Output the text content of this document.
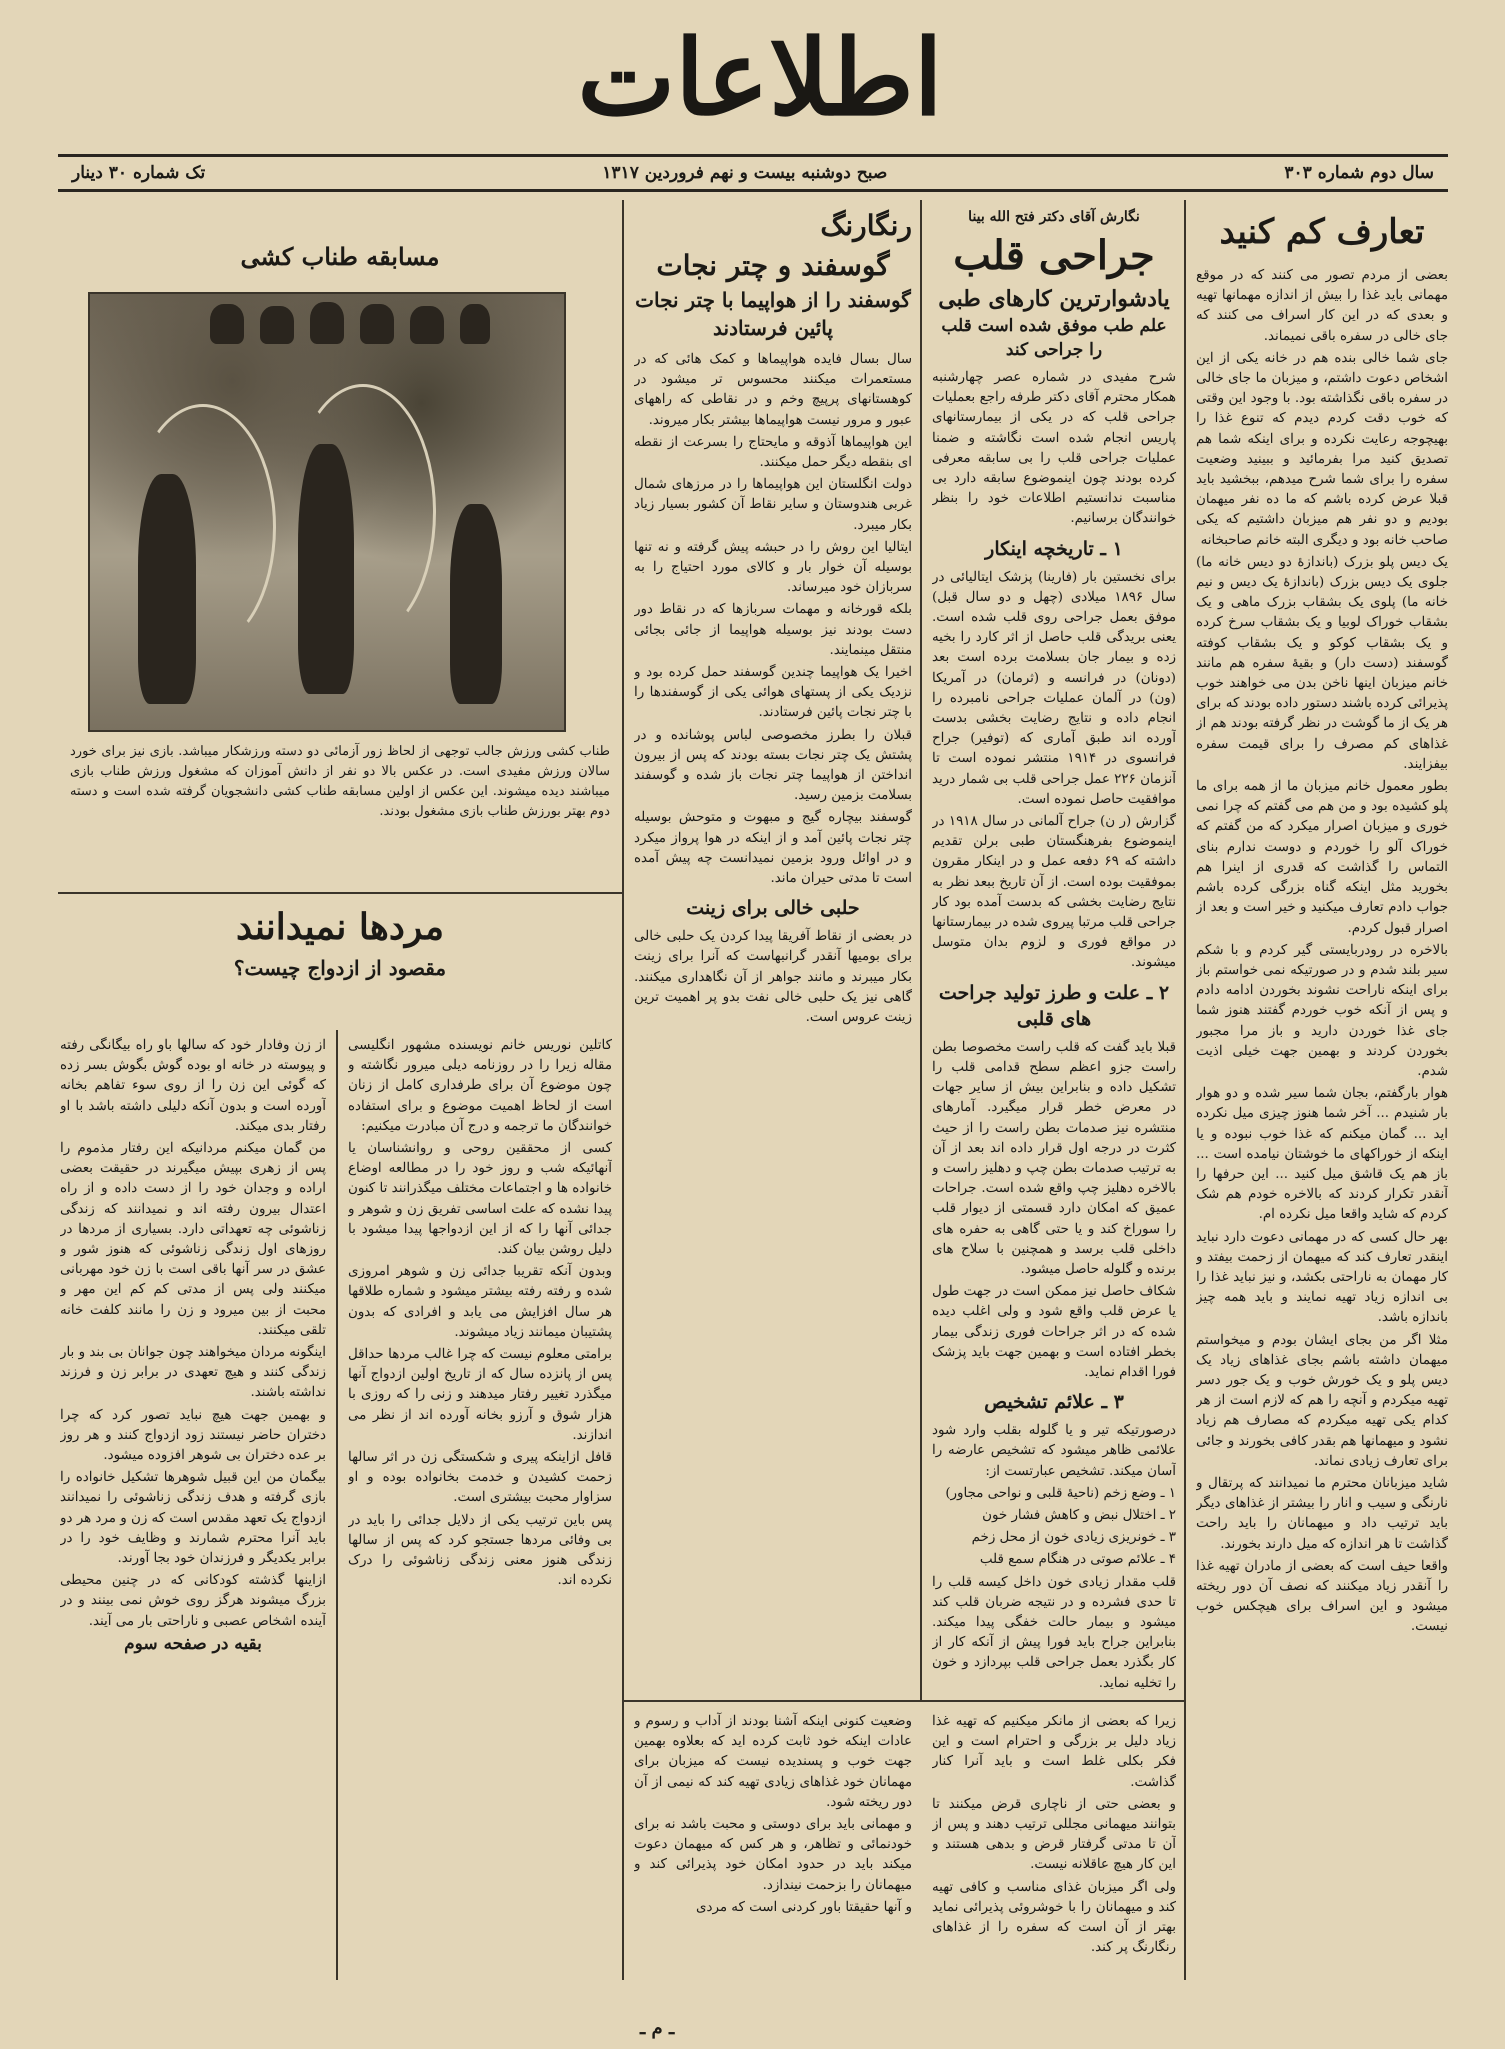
اطلاعات
سال دوم شماره ۳۰۳
صبح دوشنبه بیست و نهم فروردین ۱۳۱۷
تک شماره ۳۰ دینار
تعارف کم کنید

بعضی از مردم تصور می کنند که در موقع مهمانی باید غذا را بیش از اندازه مهمانها تهیه و بعدی که در این کار اسراف می کنند که جای خالی در سفره باقی نمیماند.

جای شما خالی بنده هم در خانه یکی از این اشخاص دعوت داشتم، و میزبان ما جای خالی در سفره باقی نگذاشته بود. با وجود این وقتی که خوب دقت کردم دیدم که تنوع غذا را بهیچوجه رعایت نکرده و برای اینکه شما هم تصدیق کنید مرا بفرمائید و ببینید وضعیت سفره را برای شما شرح میدهم، ببخشید باید قبلا عرض کرده باشم که ما ده نفر میهمان بودیم و دو نفر هم میزبان داشتیم که یکی صاحب خانه بود و دیگری البته خانم صاحبخانه

یک دیس پلو بزرک (باندازهٔ دو دیس خانه ما) جلوی یک دیس بزرک (باندازهٔ یک دیس و نیم خانه ما) پلوی یک بشقاب بزرک ماهی و یک بشقاب خوراک لوبیا و یک بشقاب سرخ کرده و یک بشقاب کوکو و یک بشقاب کوفته گوسفند (دست دار) و بقیهٔ سفره هم مانند خانم میزبان اینها ناخن بدن می خواهند خوب پذیرائی کرده باشند دستور داده بودند که برای هر یک از ما گوشت در نظر گرفته بودند هم از غذاهای کم مصرف را برای قیمت سفره بیفزایند.

بطور معمول خانم میزبان ما از همه برای ما پلو کشیده بود و من هم می گفتم که چرا نمی خوری و میزبان اصرار میکرد که من گفتم که خوراک آلو را خوردم و دوست ندارم بنای التماس را گذاشت که قدری از اینرا هم بخورید مثل اینکه گناه بزرگی کرده باشم جواب دادم تعارف میکنید و خیر است و بعد از اصرار قبول کردم.

بالاخره در رودربایستی گیر کردم و با شکم سیر بلند شدم و در صورتیکه نمی خواستم باز برای اینکه ناراحت نشوند بخوردن ادامه دادم و پس از آنکه خوب خوردم گفتند هنوز شما جای غذا خوردن دارید و باز مرا مجبور بخوردن کردند و بهمین جهت خیلی اذیت شدم.

هوار بارگفتم، بجان شما سیر شده و دو هوار بار شنیدم ... آخر شما هنوز چیزی میل نکرده اید ... گمان میکنم که غذا خوب نبوده و یا اینکه از خوراکهای ما خوشتان نیامده است ... باز هم یک قاشق میل کنید ... این حرفها را آنقدر تکرار کردند که بالاخره خودم هم شک کردم که شاید واقعا میل نکرده ام.

بهر حال کسی که در مهمانی دعوت دارد نباید اینقدر تعارف کند که میهمان از زحمت بیفتد و کار مهمان به ناراحتی بکشد، و نیز نباید غذا را بی اندازه زیاد تهیه نمایند و باید همه چیز باندازه باشد.

مثلا اگر من بجای ایشان بودم و میخواستم میهمان داشته باشم بجای غذاهای زیاد یک دیس پلو و یک خورش خوب و یک جور دسر تهیه میکردم و آنچه را هم که لازم است از هر کدام یکی تهیه میکردم که مصارف هم زیاد نشود و میهمانها هم بقدر کافی بخورند و جائی برای تعارف زیادی نماند.

شاید میزبانان محترم ما نمیدانند که پرتقال و نارنگی و سیب و انار را بیشتر از غذاهای دیگر باید ترتیب داد و میهمانان را باید راحت گذاشت تا هر اندازه که میل دارند بخورند.

واقعا حیف است که بعضی از مادران تهیه غذا را آنقدر زیاد میکنند که نصف آن دور ریخته میشود و این اسراف برای هیچکس خوب نیست.

نگارش آقای دکتر فتح الله بینا
جراحی قلب
یادشوارترین کارهای طبی
علم طب موفق شده است قلب را جراحی کند

شرح مفیدی در شماره عصر چهارشنبه همکار محترم آقای دکتر طرفه راجع بعملیات جراحی قلب که در یکی از بیمارستانهای پاریس انجام شده است نگاشته و ضمنا عملیات جراحی قلب را بی سابقه معرفی کرده بودند چون اینموضوع سابقه دارد بی مناسبت ندانستیم اطلاعات خود را بنظر خوانندگان برسانیم.

۱ ـ تاریخچه اینکار

برای نخستین بار (فارینا) پزشک ایتالیائی در سال ۱۸۹۶ میلادی (چهل و دو سال قبل) موفق بعمل جراحی روی قلب شده است. یعنی بریدگی قلب حاصل از اثر کارد را بخیه زده و بیمار جان بسلامت برده است بعد (دونان) در فرانسه و (ثرمان) در آمریکا (ون) در آلمان عملیات جراحی نامبرده را انجام داده و نتایج رضایت بخشی بدست آورده اند طبق آماری که (توفیر) جراح فرانسوی در ۱۹۱۴ منتشر نموده است تا آنزمان ۲۲۶ عمل جراحی قلب بی شمار درید موافقیت حاصل نموده است.

گزارش (ر ن) جراح آلمانی در سال ۱۹۱۸ در اینموضوع بفرهنگستان طبی برلن تقدیم داشته که ۶۹ دفعه عمل و در اینکار مقرون بموفقیت بوده است. از آن تاریخ ببعد نظر به نتایج رضایت بخشی که بدست آمده بود کار جراحی قلب مرتبا پیروی شده در بیمارستانها در مواقع فوری و لزوم بدان متوسل میشوند.

۲ ـ علت و طرز تولید جراحت های قلبی

قبلا باید گفت که قلب راست مخصوصا بطن راست جزو اعظم سطح قدامی قلب را تشکیل داده و بنابراین بیش از سایر جهات در معرض خطر قرار میگیرد. آمارهای منتشره نیز صدمات بطن راست را از حیث کثرت در درجه اول قرار داده اند بعد از آن به ترتیب صدمات بطن چپ و دهلیز راست و بالاخره دهلیز چپ واقع شده است. جراحات عمیق که امکان دارد قسمتی از دیوار قلب را سوراخ کند و یا حتی گاهی به حفره های داخلی قلب برسد و همچنین با سلاح های برنده و گلوله حاصل میشود.

شکاف حاصل نیز ممکن است در جهت طول یا عرض قلب واقع شود و ولی اغلب دیده شده که در اثر جراحات فوری زندگی بیمار بخطر افتاده است و بهمین جهت باید پزشک فورا اقدام نماید.

۳ ـ علائم تشخیص

درصورتیکه تیر و یا گلوله بقلب وارد شود علائمی ظاهر میشود که تشخیص عارضه را آسان میکند. تشخیص عبارتست از:

۱ ـ وضع زخم (ناحیهٔ قلبی و نواحی مجاور)

۲ ـ اختلال نبض و کاهش فشار خون

۳ ـ خونریزی زیادی خون از محل زخم

۴ ـ علائم صوتی در هنگام سمع قلب

قلب مقدار زیادی خون داخل کیسه قلب را تا حدی فشرده و در نتیجه ضربان قلب کند میشود و بیمار حالت خفگی پیدا میکند. بنابراین جراح باید فورا پیش از آنکه کار از کار بگذرد بعمل جراحی قلب بپردازد و خون را تخلیه نماید.

رنگارنگ
گوسفند و چتر نجات
گوسفند را از هواپیما با چتر نجات پائین فرستادند

سال بسال فایده هواپیماها و کمک هائی که در مستعمرات میکنند محسوس تر میشود در کوهستانهای پرپیچ وخم و در نقاطی که راههای عبور و مرور نیست هواپیماها بیشتر بکار میروند.

این هواپیماها آذوقه و مایحتاج را بسرعت از نقطه ای بنقطه دیگر حمل میکنند.

دولت انگلستان این هواپیماها را در مرزهای شمال غربی هندوستان و سایر نقاط آن کشور بسیار زیاد بکار میبرد.

ایتالیا این روش را در حبشه پیش گرفته و نه تنها بوسیله آن خوار بار و کالای مورد احتیاج را به سربازان خود میرساند.

بلکه قورخانه و مهمات سربازها که در نقاط دور دست بودند نیز بوسیله هواپیما از جائی بجائی منتقل مینمایند.

اخیرا یک هواپیما چندین گوسفند حمل کرده بود و نزدیک یکی از پستهای هوائی یکی از گوسفندها را با چتر نجات پائین فرستادند.

قبلان را بطرز مخصوصی لباس پوشانده و در پشتش یک چتر نجات بسته بودند که پس از بیرون انداختن از هواپیما چتر نجات باز شده و گوسفند بسلامت بزمین رسید.

گوسفند بیچاره گیج و مبهوت و متوحش بوسیله چتر نجات پائین آمد و از اینکه در هوا پرواز میکرد و در اوائل ورود بزمین نمیدانست چه پیش آمده است تا مدتی حیران ماند.

حلبی خالی برای زینت

در بعضی از نقاط آفریقا پیدا کردن یک حلبی خالی برای بومیها آنقدر گرانبهاست که آنرا برای زینت بکار میبرند و مانند جواهر از آن نگاهداری میکنند. گاهی نیز یک حلبی خالی نفت بدو پر اهمیت ترین زینت عروس است.

مسابقه طناب کشی

طناب کشی ورزش جالب توجهی از لحاظ زور آزمائی دو دسته ورزشکار میباشد. بازی نیز برای خورد سالان ورزش مفیدی است. در عکس بالا دو نفر از دانش آموزان که مشغول ورزش طناب بازی میباشند دیده میشوند. این عکس از اولین مسابقه طناب کشی دانشجویان گرفته شده است و دسته دوم بهتر بورزش طناب بازی مشغول بودند.

مردها نمیدانند
مقصود از ازدواج چیست؟

کاتلین نوریس خانم نویسنده مشهور انگلیسی مقاله زیرا را در روزنامه دیلی میرور نگاشته و چون موضوع آن برای طرفداری کامل از زنان است از لحاظ اهمیت موضوع و برای استفاده خوانندگان ما ترجمه و درج آن مبادرت میکنیم:

کسی از محققین روحی و روانشناسان یا آنهائیکه شب و روز خود را در مطالعه اوضاع خانواده ها و اجتماعات مختلف میگذرانند تا کنون پیدا نشده که علت اساسی تفریق زن و شوهر و جدائی آنها را که از این ازدواجها پیدا میشود با دلیل روشن بیان کند.

وبدون آنکه تقریبا جدائی زن و شوهر امروزی شده و رفته رفته بیشتر میشود و شماره طلاقها هر سال افزایش می یابد و افرادی که بدون پشتیبان میمانند زیاد میشوند.

برامتی معلوم نیست که چرا غالب مردها حداقل پس از پانزده سال که از تاریخ اولین ازدواج آنها میگذرد تغییر رفتار میدهند و زنی را که روزی با هزار شوق و آرزو بخانه آورده اند از نظر می اندازند.

قافل ازاینکه پیری و شکستگی زن در اثر سالها زحمت کشیدن و خدمت بخانواده بوده و او سزاوار محبت بیشتری است.

پس باین ترتیب یکی از دلایل جدائی را باید در بی وفائی مردها جستجو کرد که پس از سالها زندگی هنوز معنی زندگی زناشوئی را درک نکرده اند.

از زن وفادار خود که سالها باو راه بیگانگی رفته و پیوسته در خانه او بوده گوش بگوش بسر زده که گوئی این زن را از روی سوء تفاهم بخانه آورده است و بدون آنکه دلیلی داشته باشد با او رفتار بدی میکند.

من گمان میکنم مردانیکه این رفتار مذموم را پس از زهری بپیش میگیرند در حقیقت بعضی اراده و وجدان خود را از دست داده و از راه اعتدال بیرون رفته اند و نمیدانند که زندگی زناشوئی چه تعهداتی دارد. بسیاری از مردها در روزهای اول زندگی زناشوئی که هنوز شور و عشق در سر آنها باقی است با زن خود مهربانی میکنند ولی پس از مدتی کم کم این مهر و محبت از بین میرود و زن را مانند کلفت خانه تلقی میکنند.

اینگونه مردان میخواهند چون جوانان بی بند و بار زندگی کنند و هیچ تعهدی در برابر زن و فرزند نداشته باشند.

و بهمین جهت هیچ نباید تصور کرد که چرا دختران حاضر نیستند زود ازدواج کنند و هر روز بر عده دختران بی شوهر افزوده میشود.

بیگمان من این قبیل شوهرها تشکیل خانواده را بازی گرفته و هدف زندگی زناشوئی را نمیدانند ازدواج یک تعهد مقدس است که زن و مرد هر دو باید آنرا محترم شمارند و وظایف خود را در برابر یکدیگر و فرزندان خود بجا آورند.

ازاینها گذشته کودکانی که در چنین محیطی بزرگ میشوند هرگز روی خوش نمی بینند و در آینده اشخاص عصبی و ناراحتی بار می آیند.

بقیه در صفحه سوم

وضعیت کنونی اینکه آشنا بودند از آداب و رسوم و عادات اینکه خود ثابت کرده اید که بعلاوه بهمین جهت خوب و پسندیده نیست که میزبان برای مهمانان خود غذاهای زیادی تهیه کند که نیمی از آن دور ریخته شود.

و مهمانی باید برای دوستی و محبت باشد نه برای خودنمائی و تظاهر، و هر کس که میهمان دعوت میکند باید در حدود امکان خود پذیرائی کند و میهمانان را بزحمت نیندازد.

و آنها حقیقتا باور کردنی است که مردی

زیرا که بعضی از مانکر میکنیم که تهیه غذا زیاد دلیل بر بزرگی و احترام است و این فکر بکلی غلط است و باید آنرا کنار گذاشت.

و بعضی حتی از ناچاری قرض میکنند تا بتوانند میهمانی مجللی ترتیب دهند و پس از آن تا مدتی گرفتار قرض و بدهی هستند و این کار هیچ عاقلانه نیست.

ولی اگر میزبان غذای مناسب و کافی تهیه کند و میهمانان را با خوشروئی پذیرائی نماید بهتر از آن است که سفره را از غذاهای رنگارنگ پر کند.

ـ م ـ
